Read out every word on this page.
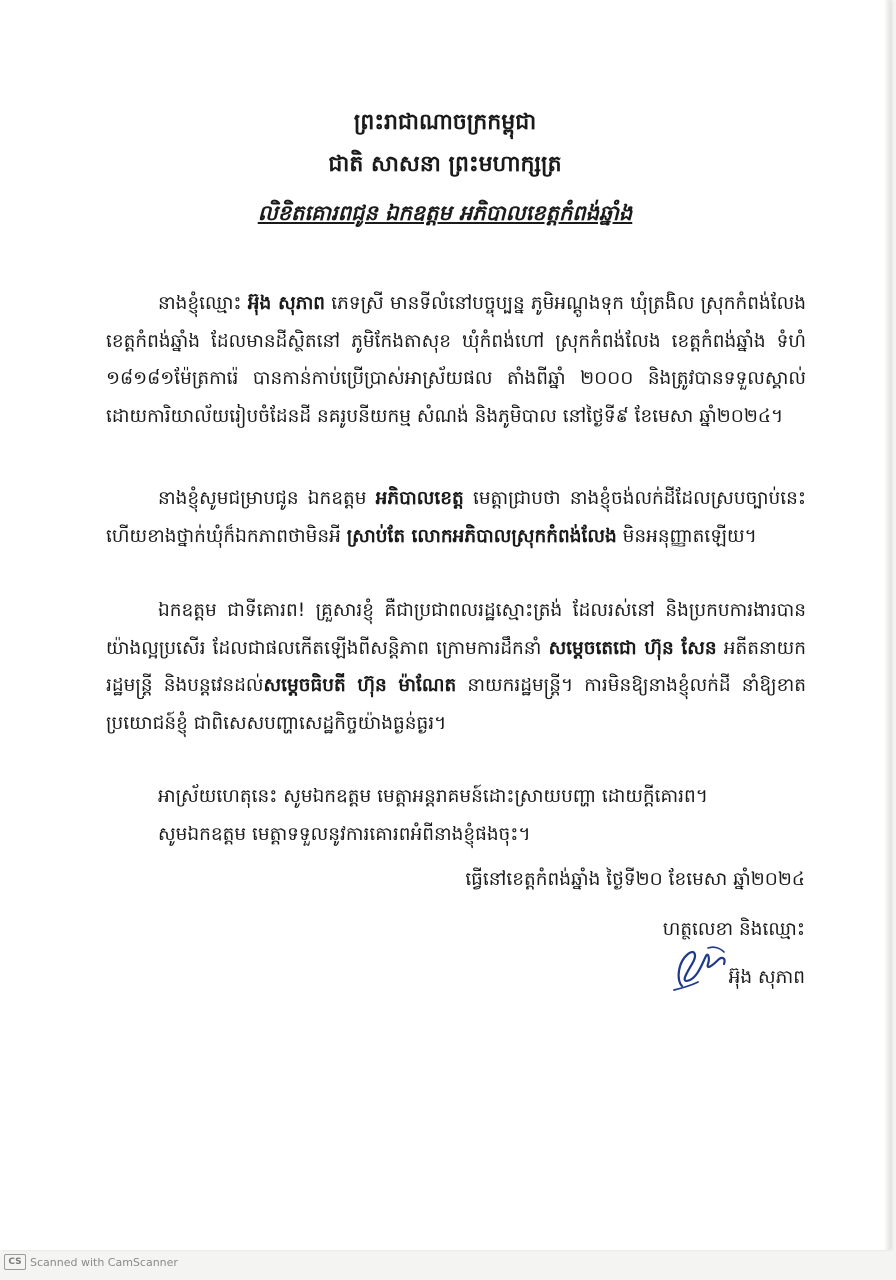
ព្រះរាជាណាចក្រកម្ពុជា
ជាតិ សាសនា ព្រះមហាក្សត្រ
លិខិតគោរពជូន ឯកឧត្តម អភិបាលខេត្តកំពង់ឆ្នាំង
នាងខ្ញុំឈ្មោះ អ៊ុង សុភាព ភេទស្រី មានទីលំនៅបច្ចុប្បន្ន ភូមិអណ្តូងទុក ឃុំត្រងិល ស្រុកកំពង់លែង ខេត្តកំពង់ឆ្នាំង ដែលមានដីស្ថិតនៅ ភូមិកែងតាសុខ ឃុំកំពង់ហៅ ស្រុកកំពង់លែង ខេត្តកំពង់ឆ្នាំង ទំហំ ១៨១៨១ម៉ែត្រការ៉េ បានកាន់កាប់ប្រើប្រាស់អាស្រ័យផល តាំងពីឆ្នាំ ២០០០ និងត្រូវបានទទួលស្គាល់ដោយការិយាល័យរៀបចំដែនដី នគរូបនីយកម្ម សំណង់ និងភូមិបាល នៅថ្ងៃទី៩ ខែមេសា ឆ្នាំ២០២៤។
នាងខ្ញុំសូមជម្រាបជូន ឯកឧត្តម អភិបាលខេត្ត មេត្តាជ្រាបថា នាងខ្ញុំចង់លក់ដីដែលស្របច្បាប់នេះ ហើយខាងថ្នាក់ឃុំក៏ឯកភាពថាមិនអី ស្រាប់តែ លោកអភិបាលស្រុកកំពង់លែង មិនអនុញ្ញាតឡើយ។
ឯកឧត្តម ជាទីគោរព! គ្រួសារខ្ញុំ គឺជាប្រជាពលរដ្ឋស្មោះត្រង់ ដែលរស់នៅ និងប្រកបការងារបានយ៉ាងល្អប្រសើរ ដែលជាផលកើតឡើងពីសន្តិភាព ក្រោមការដឹកនាំ សម្តេចតេជោ ហ៊ុន សែន អតីតនាយករដ្ឋមន្ត្រី និងបន្តវេនដល់សម្តេចធិបតី ហ៊ុន ម៉ាណែត នាយករដ្ឋមន្ត្រី។ ការមិនឱ្យនាងខ្ញុំលក់ដី នាំឱ្យខាតប្រយោជន៍ខ្ញុំ ជាពិសេសបញ្ហាសេដ្ឋកិច្ចយ៉ាងធ្ងន់ធ្ងរ។
អាស្រ័យហេតុនេះ សូមឯកឧត្តម មេត្តាអន្តរាគមន៍ដោះស្រាយបញ្ហា ដោយក្តីគោរព។
សូមឯកឧត្តម មេត្តាទទួលនូវការគោរពអំពីនាងខ្ញុំផងចុះ។
ធ្វើនៅខេត្តកំពង់ឆ្នាំង ថ្ងៃទី២០ ខែមេសា ឆ្នាំ២០២៤
ហត្ថលេខា និងឈ្មោះ
អ៊ុង សុភាព
CS Scanned with CamScanner
